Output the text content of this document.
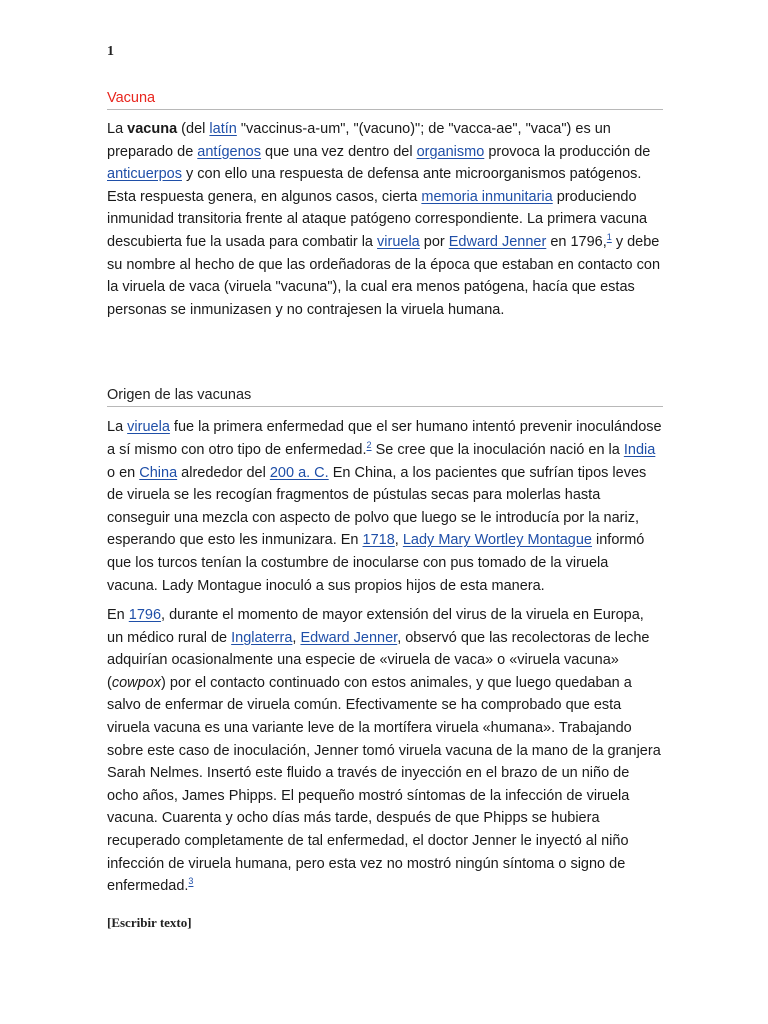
1
Vacuna

La vacuna (del latín "vaccinus-a-um", "(vacuno)"; de "vacca-ae", "vaca") es un preparado de antígenos que una vez dentro del organismo provoca la producción de anticuerpos y con ello una respuesta de defensa ante microorganismos patógenos. Esta respuesta genera, en algunos casos, cierta memoria inmunitaria produciendo inmunidad transitoria frente al ataque patógeno correspondiente. La primera vacuna descubierta fue la usada para combatir la viruela por Edward Jenner en 1796,$^1$ y debe su nombre al hecho de que las ordeñadoras de la época que estaban en contacto con la viruela de vaca (viruela "vacuna"), la cual era menos patógena, hacía que estas personas se inmunizasen y no contrajesen la viruela humana.

Origen de las vacunas

La viruela fue la primera enfermedad que el ser humano intentó prevenir inoculándose a sí mismo con otro tipo de enfermedad.$^2$ Se cree que la inoculación nació en la India o en China alrededor del 200 a. C. En China, a los pacientes que sufrían tipos leves de viruela se les recogían fragmentos de pústulas secas para molerlas hasta conseguir una mezcla con aspecto de polvo que luego se le introducía por la nariz, esperando que esto les inmunizara. En 1718, Lady Mary Wortley Montague informó que los turcos tenían la costumbre de inocularse con pus tomado de la viruela vacuna. Lady Montague inoculó a sus propios hijos de esta manera.

En 1796, durante el momento de mayor extensión del virus de la viruela en Europa, un médico rural de Inglaterra, Edward Jenner, observó que las recolectoras de leche adquirían ocasionalmente una especie de «viruela de vaca» o «viruela vacuna» (cowpox) por el contacto continuado con estos animales, y que luego quedaban a salvo de enfermar de viruela común. Efectivamente se ha comprobado que esta viruela vacuna es una variante leve de la mortífera viruela «humana». Trabajando sobre este caso de inoculación, Jenner tomó viruela vacuna de la mano de la granjera Sarah Nelmes. Insertó este fluido a través de inyección en el brazo de un niño de ocho años, James Phipps. El pequeño mostró síntomas de la infección de viruela vacuna. Cuarenta y ocho días más tarde, después de que Phipps se hubiera recuperado completamente de tal enfermedad, el doctor Jenner le inyectó al niño infección de viruela humana, pero esta vez no mostró ningún síntoma o signo de enfermedad.$^3$

[Escribir texto]
